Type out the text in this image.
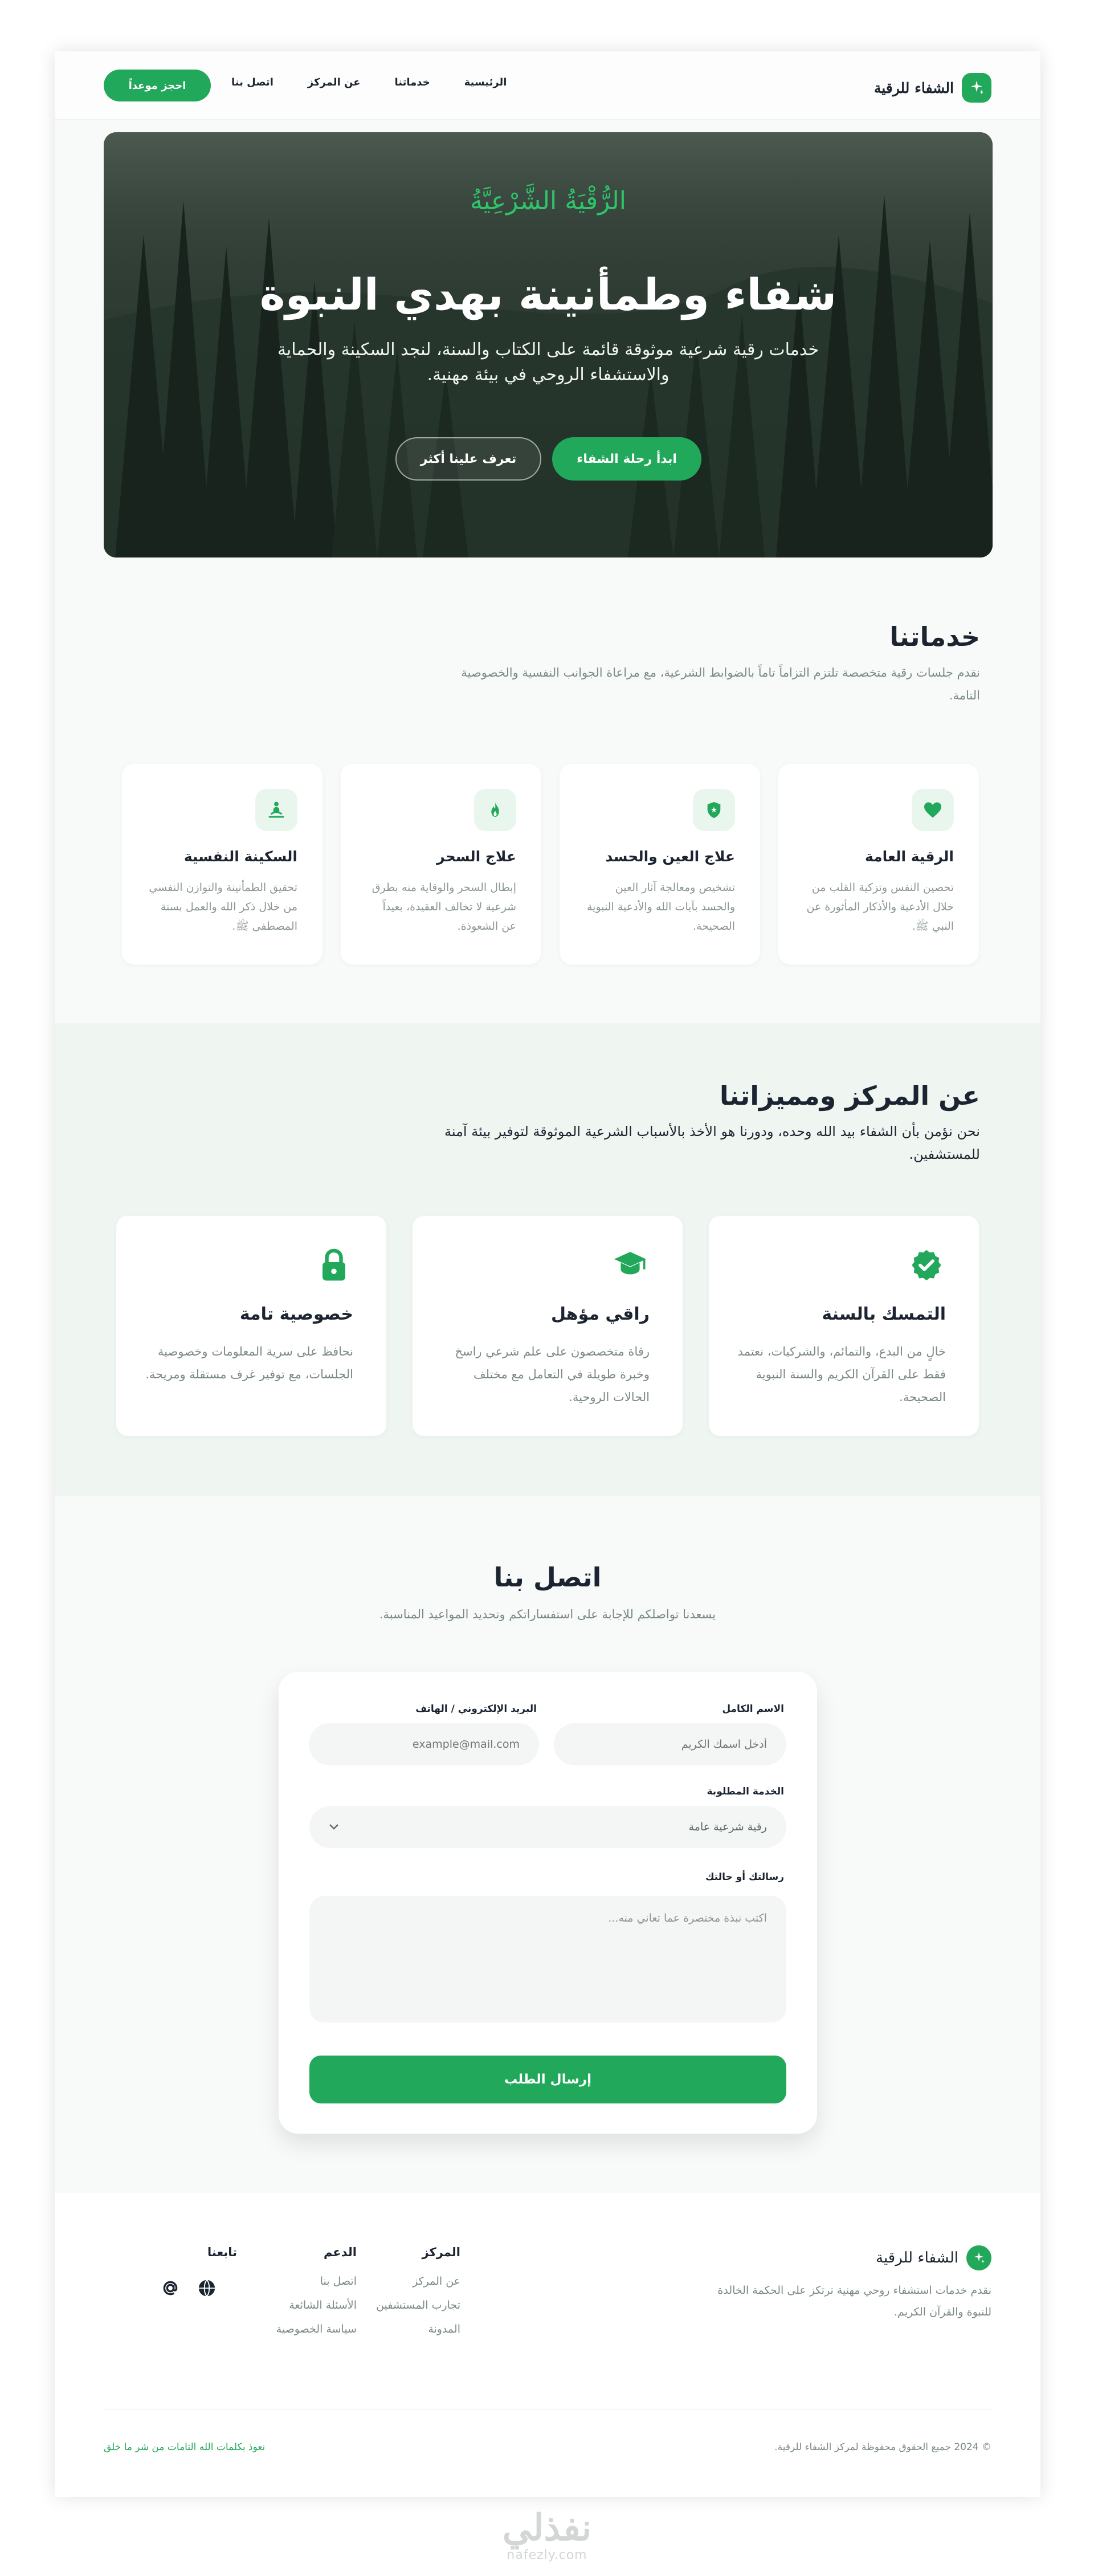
الشفاء للرقية
الرئيسية
خدماتنا
عن المركز
اتصل بنا
احجز موعداً
الرُّقْيَةُ الشَّرْعِيَّةُ
شفاء وطمأنينة بهدي النبوة

خدمات رقية شرعية موثوقة قائمة على الكتاب والسنة، لنجد السكينة والحماية والاستشفاء الروحي في بيئة مهنية.

ابدأ رحلة الشفاء
تعرف علينا أكثر
خدماتنا

نقدم جلسات رقية متخصصة تلتزم التزاماً تاماً بالضوابط الشرعية، مع مراعاة الجوانب النفسية والخصوصية التامة.

الرقية العامة
تحصين النفس وتزكية القلب من خلال الأدعية والأذكار المأثورة عن النبي ﷺ.
علاج العين والحسد
تشخيص ومعالجة آثار العين والحسد بآيات الله والأدعية النبوية الصحيحة.
علاج السحر
إبطال السحر والوقاية منه بطرق شرعية لا تخالف العقيدة، بعيداً عن الشعوذة.
السكينة النفسية
تحقيق الطمأنينة والتوازن النفسي من خلال ذكر الله والعمل بسنة المصطفى ﷺ.
عن المركز ومميزاتنا

نحن نؤمن بأن الشفاء بيد الله وحده، ودورنا هو الأخذ بالأسباب الشرعية الموثوقة لتوفير بيئة آمنة للمستشفين.

التمسك بالسنة
خالٍ من البدع، والتمائم، والشركيات، نعتمد فقط على القرآن الكريم والسنة النبوية الصحيحة.
راقي مؤهل
رقاة متخصصون على علم شرعي راسخ وخبرة طويلة في التعامل مع مختلف الحالات الروحية.
خصوصية تامة
نحافظ على سرية المعلومات وخصوصية الجلسات، مع توفير غرف مستقلة ومريحة.
اتصل بنا

يسعدنا تواصلكم للإجابة على استفساراتكم وتحديد المواعيد المناسبة.

الاسم الكامل
أدخل اسمك الكريم
البريد الإلكتروني / الهاتف
example@mail.com
الخدمة المطلوبة
رقية شرعية عامة
رسالتك أو حالتك
اكتب نبذة مختصرة عما تعاني منه...
إرسال الطلب
الشفاء للرقية

نقدم خدمات استشفاء روحي مهنية ترتكز على الحكمة الخالدة للنبوة والقرآن الكريم.

المركز
عن المركز
تجارب المستشفين
المدونة
الدعم
اتصل بنا
الأسئلة الشائعة
سياسة الخصوصية
تابعنا
© 2024 جميع الحقوق محفوظة لمركز الشفاء للرقية.
نعوذ بكلمات الله التامات من شر ما خلق
نفذلي
nafezly.com
